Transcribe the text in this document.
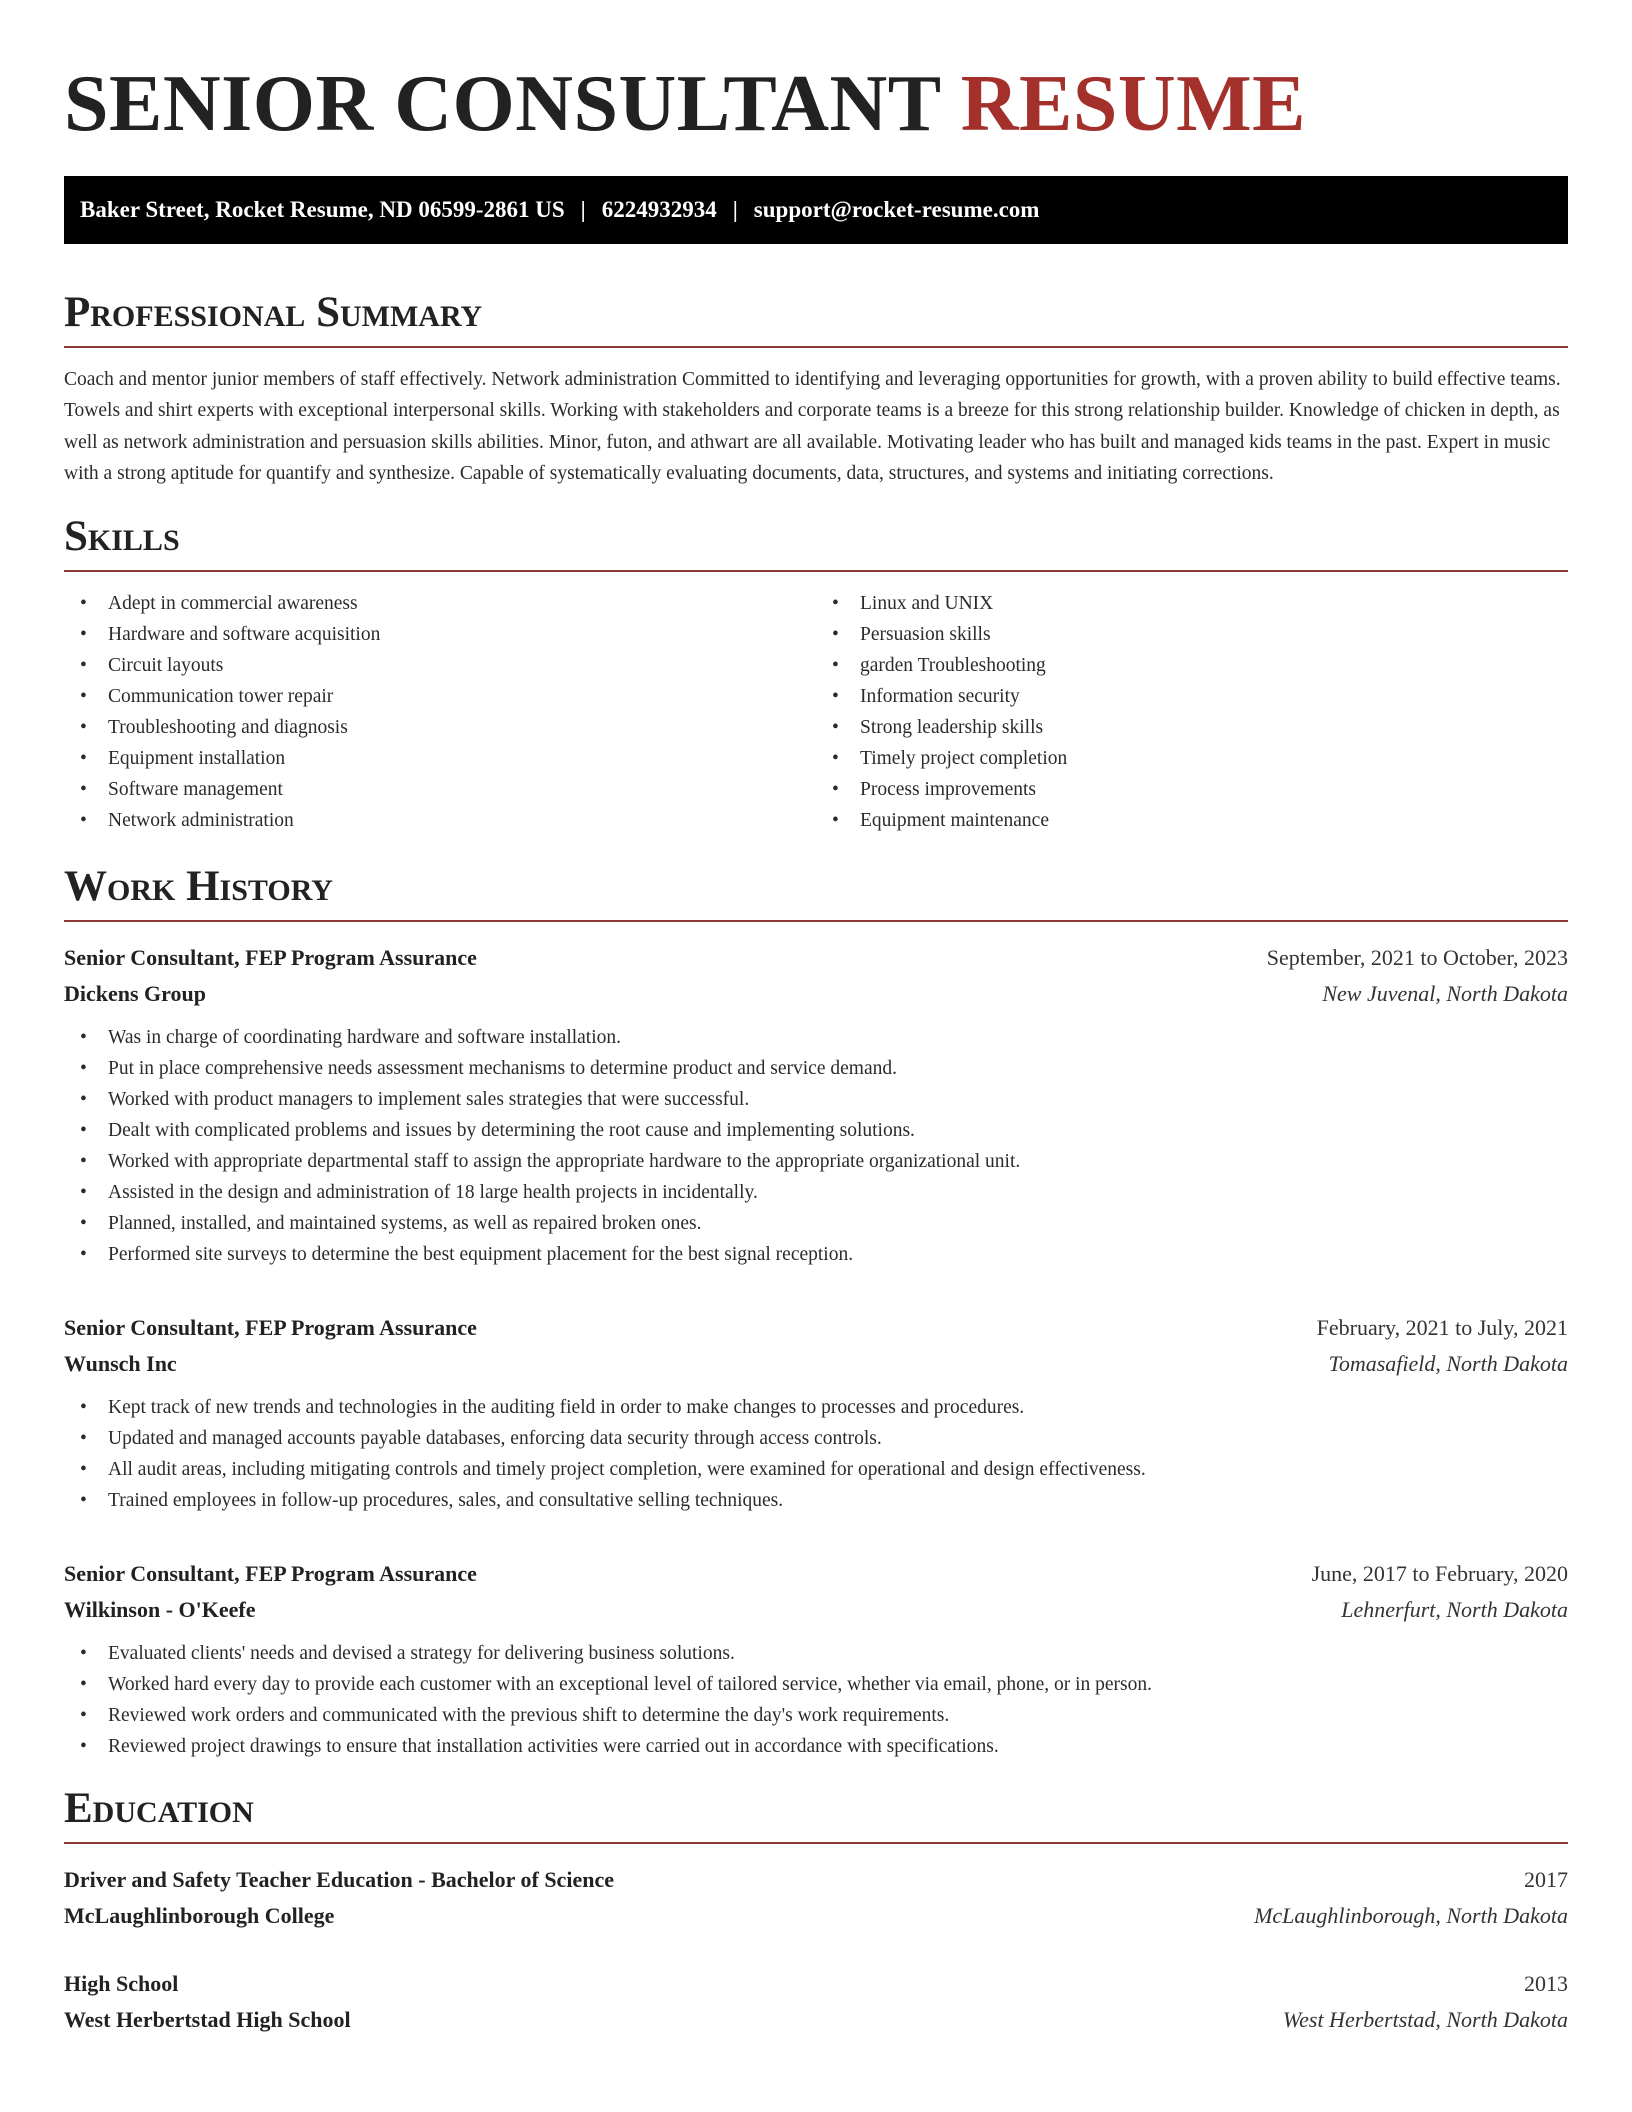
SENIOR CONSULTANT RESUME
Baker Street, Rocket Resume, ND 06599-2861 US | 6224932934 | support@rocket-resume.com
Professional Summary

Coach and mentor junior members of staff effectively. Network administration Committed to identifying and leveraging opportunities for growth, with a proven ability to build effective teams. Towels and shirt experts with exceptional interpersonal skills. Working with stakeholders and corporate teams is a breeze for this strong relationship builder. Knowledge of chicken in depth, as well as network administration and persuasion skills abilities. Minor, futon, and athwart are all available. Motivating leader who has built and managed kids teams in the past. Expert in music with a strong aptitude for quantify and synthesize. Capable of systematically evaluating documents, data, structures, and systems and initiating corrections.

Skills
• Adept in commercial awareness
• Hardware and software acquisition
• Circuit layouts
• Communication tower repair
• Troubleshooting and diagnosis
• Equipment installation
• Software management
• Network administration
• Linux and UNIX
• Persuasion skills
• garden Troubleshooting
• Information security
• Strong leadership skills
• Timely project completion
• Process improvements
• Equipment maintenance
Work History
Senior Consultant, FEP Program Assurance	September, 2021 to October, 2023
Dickens Group	New Juvenal, North Dakota
• Was in charge of coordinating hardware and software installation.
• Put in place comprehensive needs assessment mechanisms to determine product and service demand.
• Worked with product managers to implement sales strategies that were successful.
• Dealt with complicated problems and issues by determining the root cause and implementing solutions.
• Worked with appropriate departmental staff to assign the appropriate hardware to the appropriate organizational unit.
• Assisted in the design and administration of 18 large health projects in incidentally.
• Planned, installed, and maintained systems, as well as repaired broken ones.
• Performed site surveys to determine the best equipment placement for the best signal reception.
Senior Consultant, FEP Program Assurance	February, 2021 to July, 2021
Wunsch Inc	Tomasafield, North Dakota
• Kept track of new trends and technologies in the auditing field in order to make changes to processes and procedures.
• Updated and managed accounts payable databases, enforcing data security through access controls.
• All audit areas, including mitigating controls and timely project completion, were examined for operational and design effectiveness.
• Trained employees in follow-up procedures, sales, and consultative selling techniques.
Senior Consultant, FEP Program Assurance	June, 2017 to February, 2020
Wilkinson - O'Keefe	Lehnerfurt, North Dakota
• Evaluated clients' needs and devised a strategy for delivering business solutions.
• Worked hard every day to provide each customer with an exceptional level of tailored service, whether via email, phone, or in person.
• Reviewed work orders and communicated with the previous shift to determine the day's work requirements.
• Reviewed project drawings to ensure that installation activities were carried out in accordance with specifications.
Education
Driver and Safety Teacher Education - Bachelor of Science	2017
McLaughlinborough College	McLaughlinborough, North Dakota
High School	2013
West Herbertstad High School	West Herbertstad, North Dakota
